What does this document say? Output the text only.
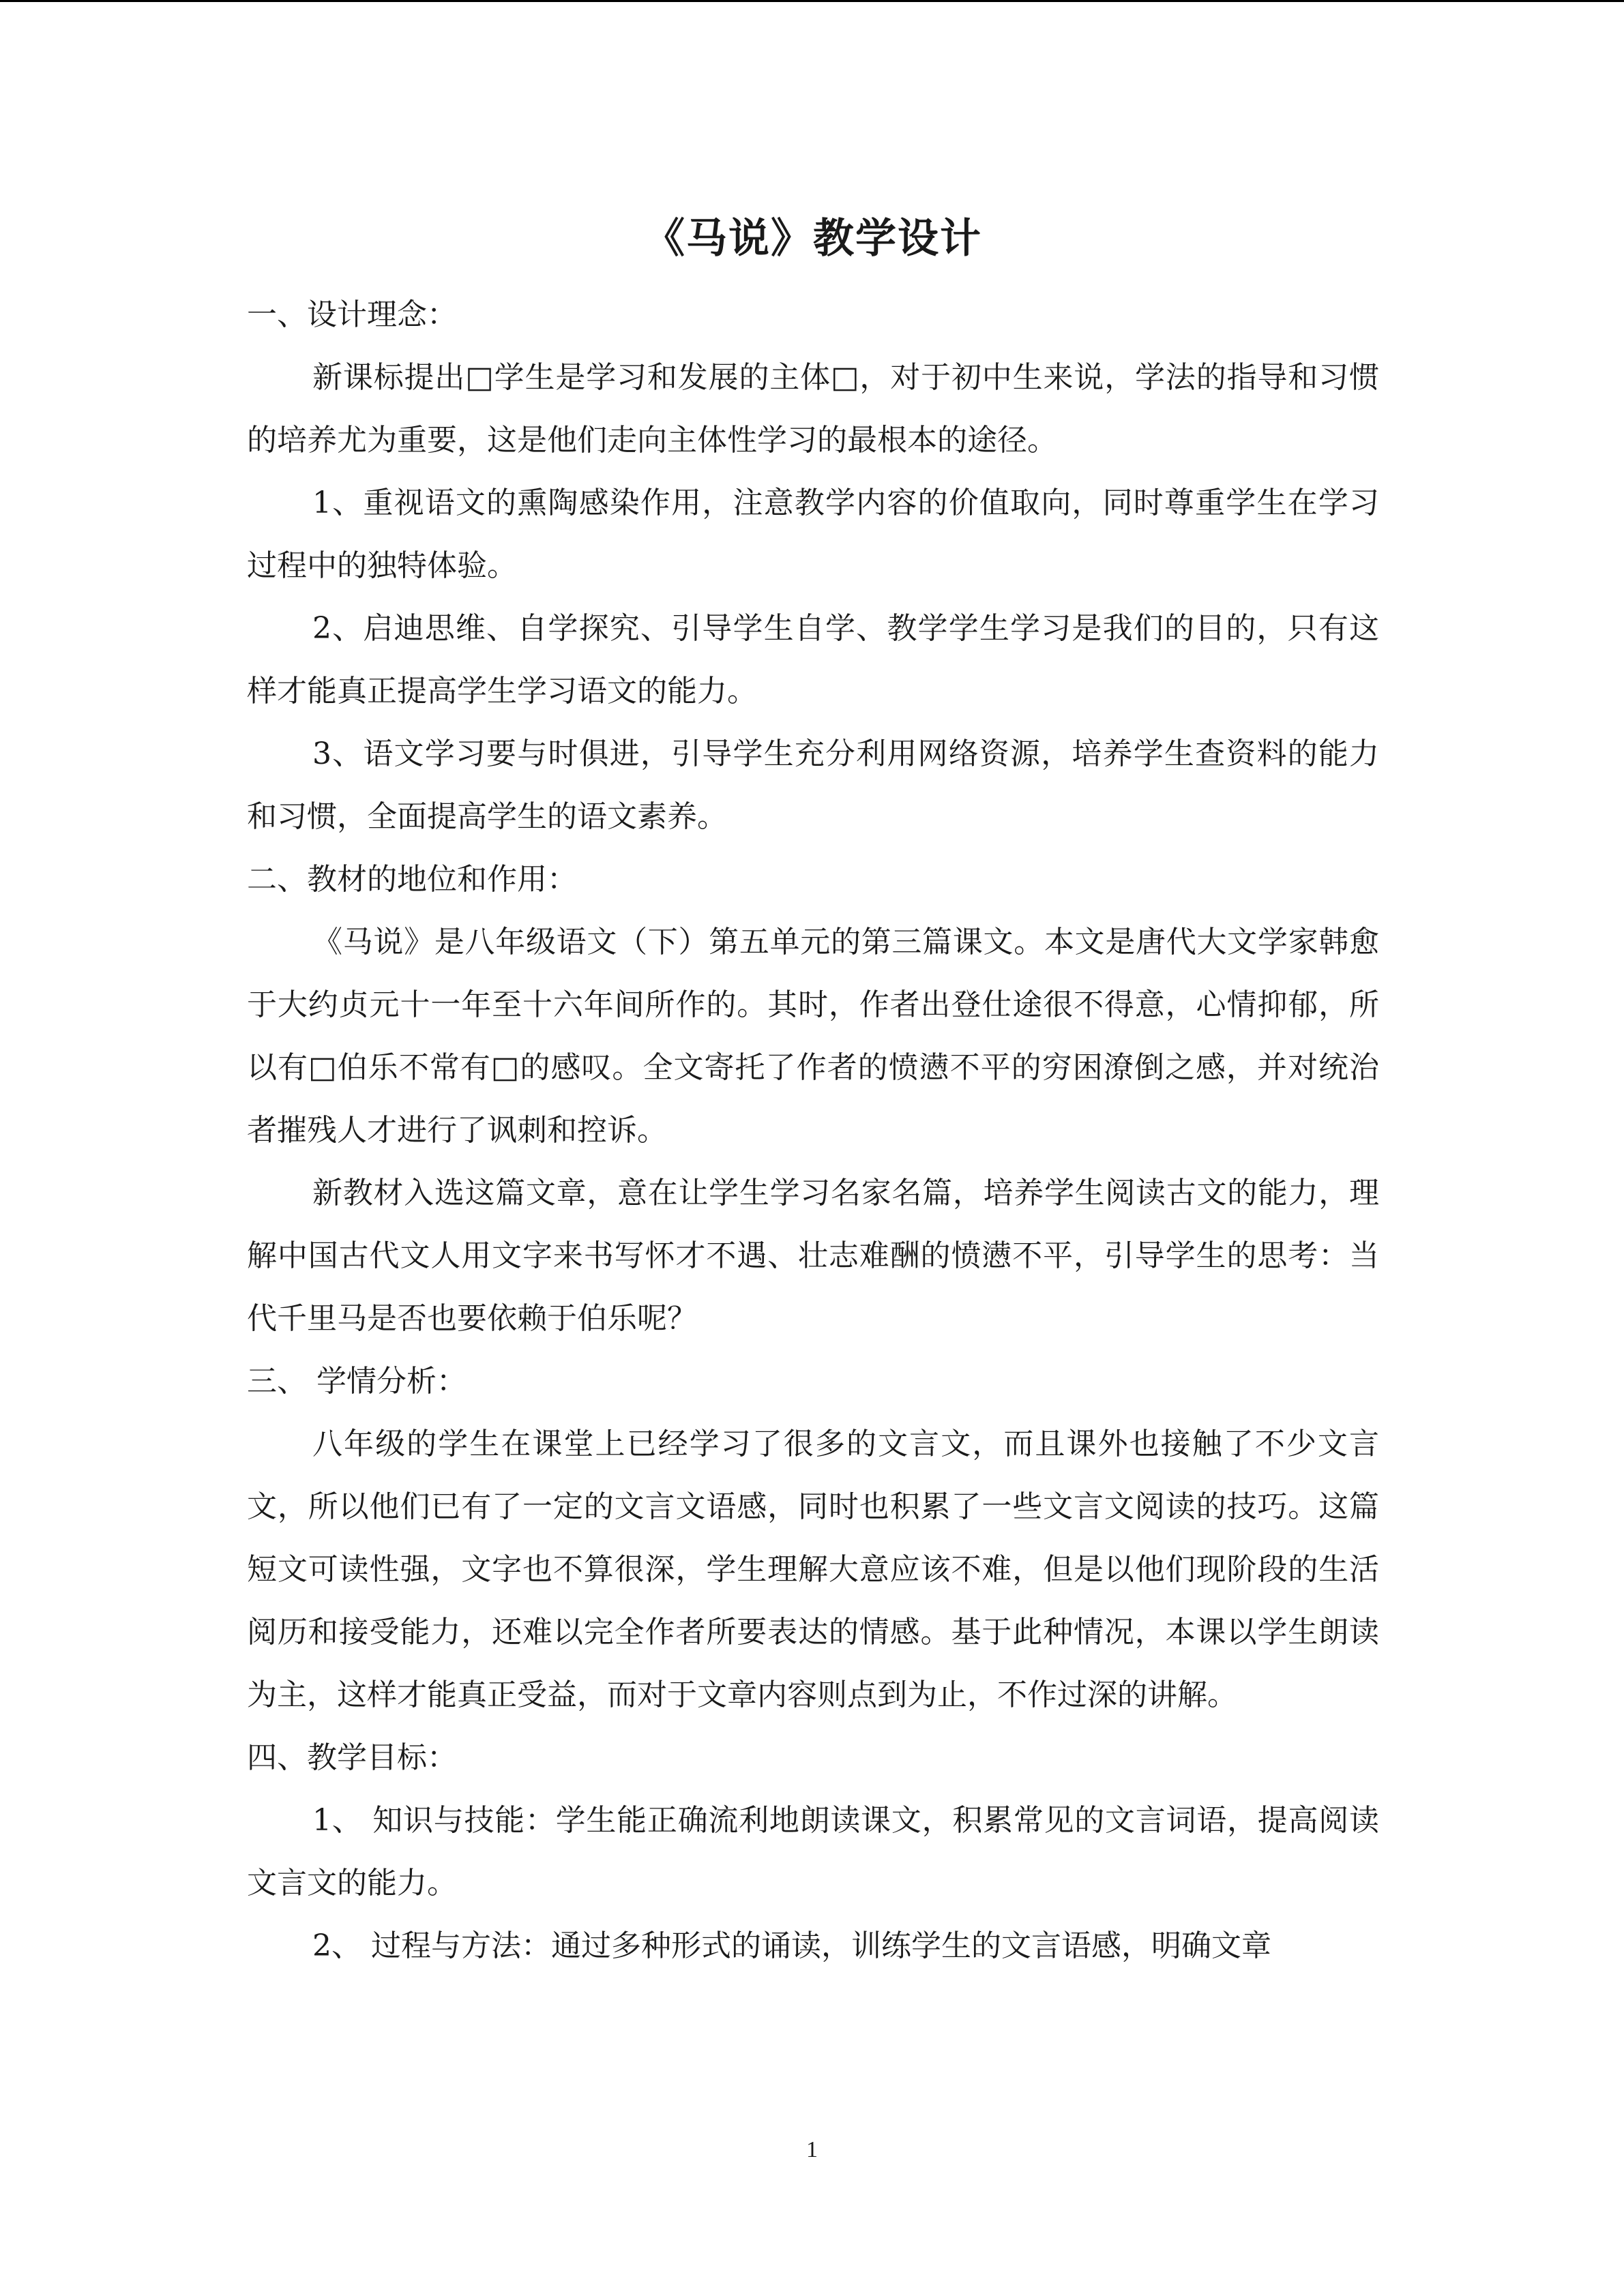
《马说》教学设计

一、设计理念：

新课标提出□学生是学习和发展的主体□，对于初中生来说，学法的指导和习惯的培养尤为重要，这是他们走向主体性学习的最根本的途径。

1、重视语文的熏陶感染作用，注意教学内容的价值取向，同时尊重学生在学习过程中的独特体验。

2、启迪思维、自学探究、引导学生自学、教学学生学习是我们的目的，只有这样才能真正提高学生学习语文的能力。

3、语文学习要与时俱进，引导学生充分利用网络资源，培养学生查资料的能力和习惯，全面提高学生的语文素养。

二、教材的地位和作用：

《马说》是八年级语文（下）第五单元的第三篇课文。本文是唐代大文学家韩愈于大约贞元十一年至十六年间所作的。其时，作者出登仕途很不得意，心情抑郁，所以有□伯乐不常有□的感叹。全文寄托了作者的愤懑不平的穷困潦倒之感，并对统治者摧残人才进行了讽刺和控诉。

新教材入选这篇文章，意在让学生学习名家名篇，培养学生阅读古文的能力，理解中国古代文人用文字来书写怀才不遇、壮志难酬的愤懑不平，引导学生的思考：当代千里马是否也要依赖于伯乐呢？

三、 学情分析：

八年级的学生在课堂上已经学习了很多的文言文，而且课外也接触了不少文言文，所以他们已有了一定的文言文语感，同时也积累了一些文言文阅读的技巧。这篇短文可读性强，文字也不算很深，学生理解大意应该不难，但是以他们现阶段的生活阅历和接受能力，还难以完全作者所要表达的情感。基于此种情况，本课以学生朗读为主，这样才能真正受益，而对于文章内容则点到为止，不作过深的讲解。

四、教学目标：

1、 知识与技能：学生能正确流利地朗读课文，积累常见的文言词语，提高阅读文言文的能力。

2、 过程与方法：通过多种形式的诵读，训练学生的文言语感，明确文章

1
